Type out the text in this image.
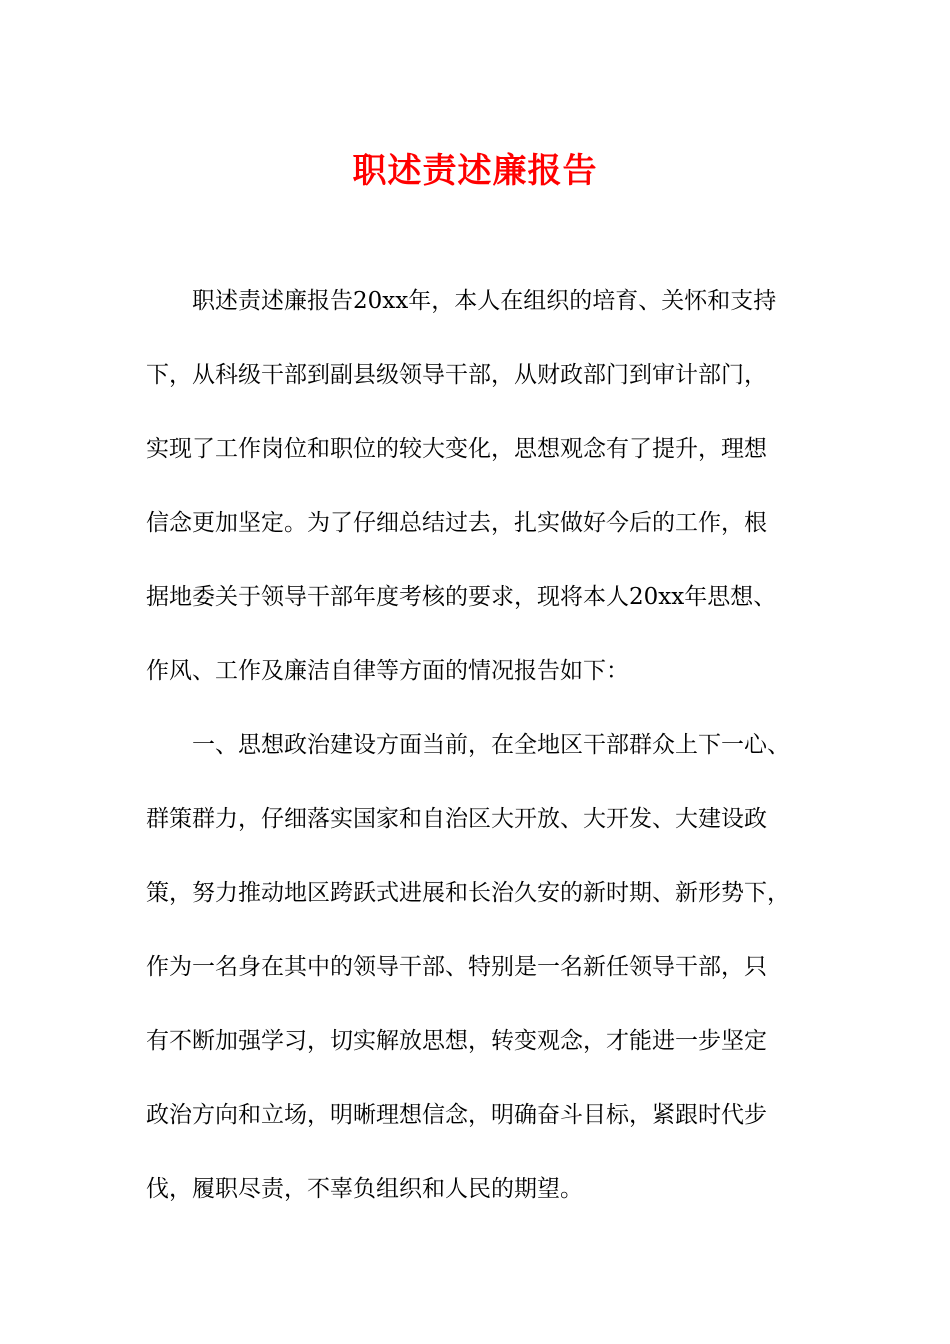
职述责述廉报告
职述责述廉报告20xx年，本人在组织的培育、关怀和支持
下，从科级干部到副县级领导干部，从财政部门到审计部门，
实现了工作岗位和职位的较大变化，思想观念有了提升，理想
信念更加坚定。为了仔细总结过去，扎实做好今后的工作，根
据地委关于领导干部年度考核的要求，现将本人20xx年思想、
作风、工作及廉洁自律等方面的情况报告如下：
一、思想政治建设方面当前，在全地区干部群众上下一心、
群策群力，仔细落实国家和自治区大开放、大开发、大建设政
策，努力推动地区跨跃式进展和长治久安的新时期、新形势下，
作为一名身在其中的领导干部、特别是一名新任领导干部，只
有不断加强学习，切实解放思想，转变观念，才能进一步坚定
政治方向和立场，明晰理想信念，明确奋斗目标，紧跟时代步
伐，履职尽责，不辜负组织和人民的期望。
